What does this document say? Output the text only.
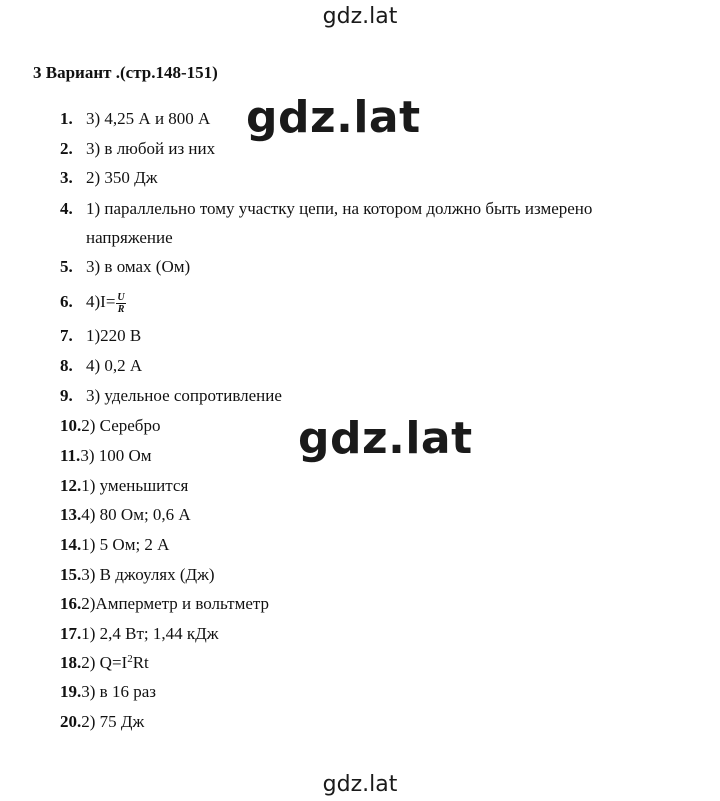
gdz.lat
3 Вариант .(стр.148-151)
1. 3) 4,25 А и 800 А
2. 3) в любой из них
3. 2) 350 Дж
4. 1) параллельно тому участку цепи, на котором должно быть измерено
напряжение
5. 3) в омах (Ом)
6. $4)I= \frac{U}{R}$
7. 1)220 В
8. 4) 0,2 А
9. 3) удельное сопротивление
10.2) Серебро
11.3) 100 Ом
12.1) уменьшится
13.4) 80 Ом; 0,6 А
14.1) 5 Ом; 2 А
15.3) В джоулях (Дж)
16.2)Амперметр и вольтметр
17.1) 2,4 Вт; 1,44 кДж
18.2) $Q=I^2Rt$
19.3) в 16 раз
20.2) 75 Дж
gdz.lat
gdz.lat
gdz.lat
